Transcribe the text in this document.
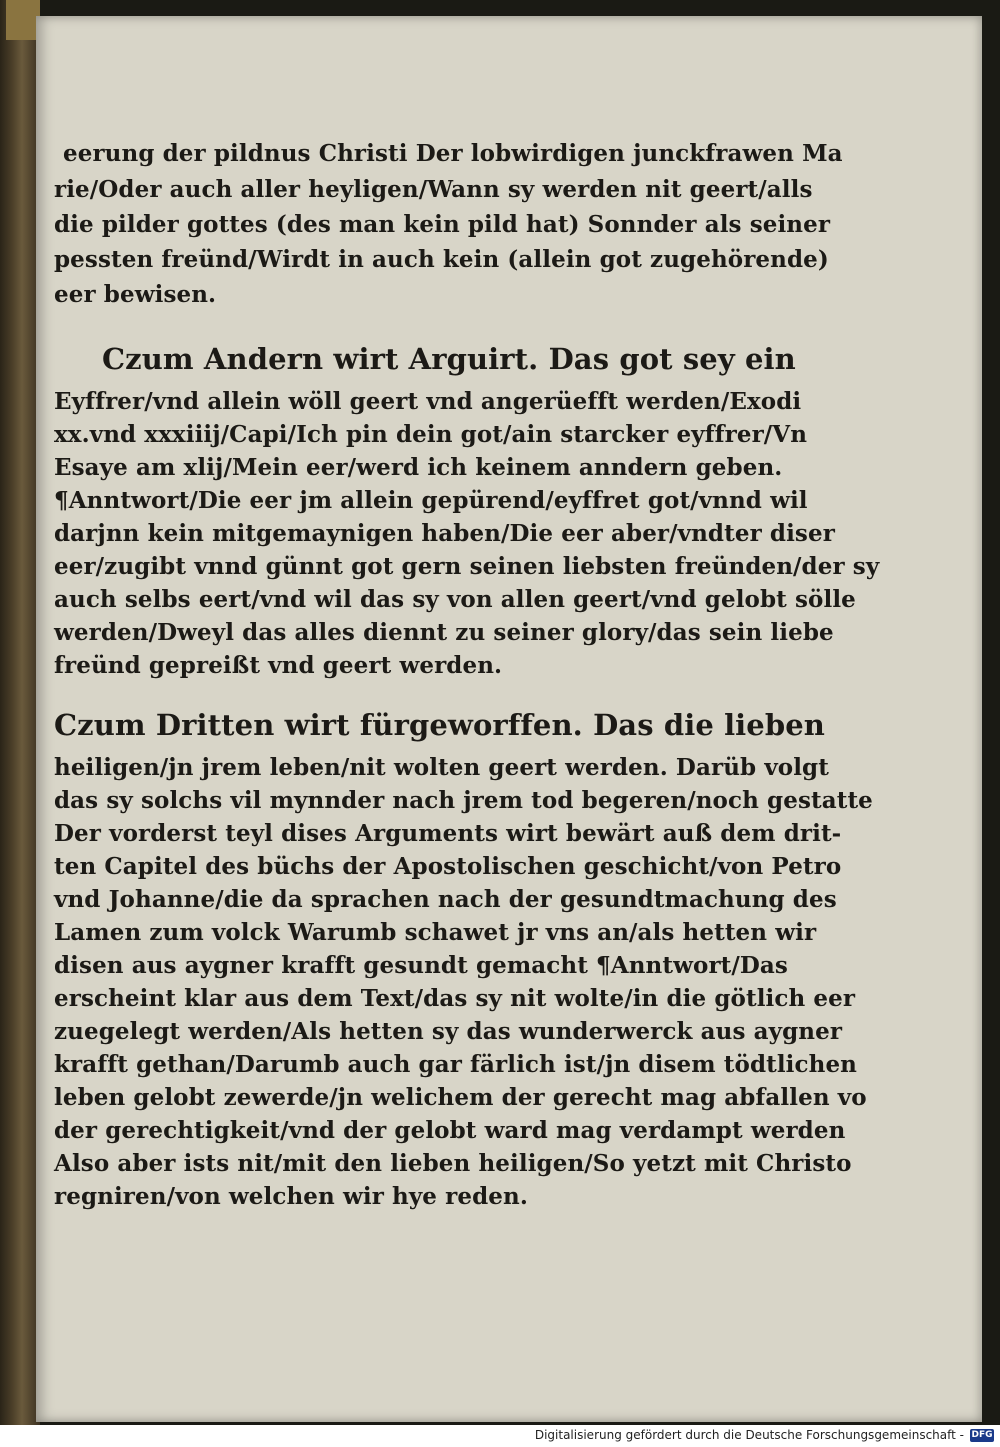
eerung der pildnus Christi Der lobwirdigen junckfrawen Ma
rie/Oder auch aller heyligen/Wann sy werden nit geert/alls
die pilder gottes (des man kein pild hat) Sonnder als seiner
pessten freünd/Wirdt in auch kein (allein got zugehörende)
eer bewisen.
Czum Andern wirt Arguirt. Das got sey ein
Eyffrer/vnd allein wöll geert vnd angerüefft werden/Exodi
xx.vnd xxxiiij/Capi/Ich pin dein got/ain starcker eyffrer/Vn
Esaye am xlij/Mein eer/werd ich keinem anndern geben.
¶Anntwort/Die eer jm allein gepürend/eyffret got/vnnd wil
darjnn kein mitgemaynigen haben/Die eer aber/vndter diser
eer/zugibt vnnd günnt got gern seinen liebsten freünden/der sy
auch selbs eert/vnd wil das sy von allen geert/vnd gelobt sölle
werden/Dweyl das alles diennt zu seiner glory/das sein liebe
freünd gepreißt vnd geert werden.
Czum Dritten wirt fürgeworffen. Das die lieben
heiligen/jn jrem leben/nit wolten geert werden. Darüb volgt
das sy solchs vil mynnder nach jrem tod begeren/noch gestatte
Der vorderst teyl dises Arguments wirt bewärt auß dem drit-
ten Capitel des büchs der Apostolischen geschicht/von Petro
vnd Johanne/die da sprachen nach der gesundtmachung des
Lamen zum volck Warumb schawet jr vns an/als hetten wir
disen aus aygner krafft gesundt gemacht ¶Anntwort/Das
erscheint klar aus dem Text/das sy nit wolte/in die götlich eer
zuegelegt werden/Als hetten sy das wunderwerck aus aygner
krafft gethan/Darumb auch gar färlich ist/jn disem tödtlichen
leben gelobt zewerde/jn welichem der gerecht mag abfallen vo
der gerechtigkeit/vnd der gelobt ward mag verdampt werden
Also aber ists nit/mit den lieben heiligen/So yetzt mit Christo
regniren/von welchen wir hye reden.
Digitalisierung gefördert durch die Deutsche Forschungsgemeinschaft - DFG
